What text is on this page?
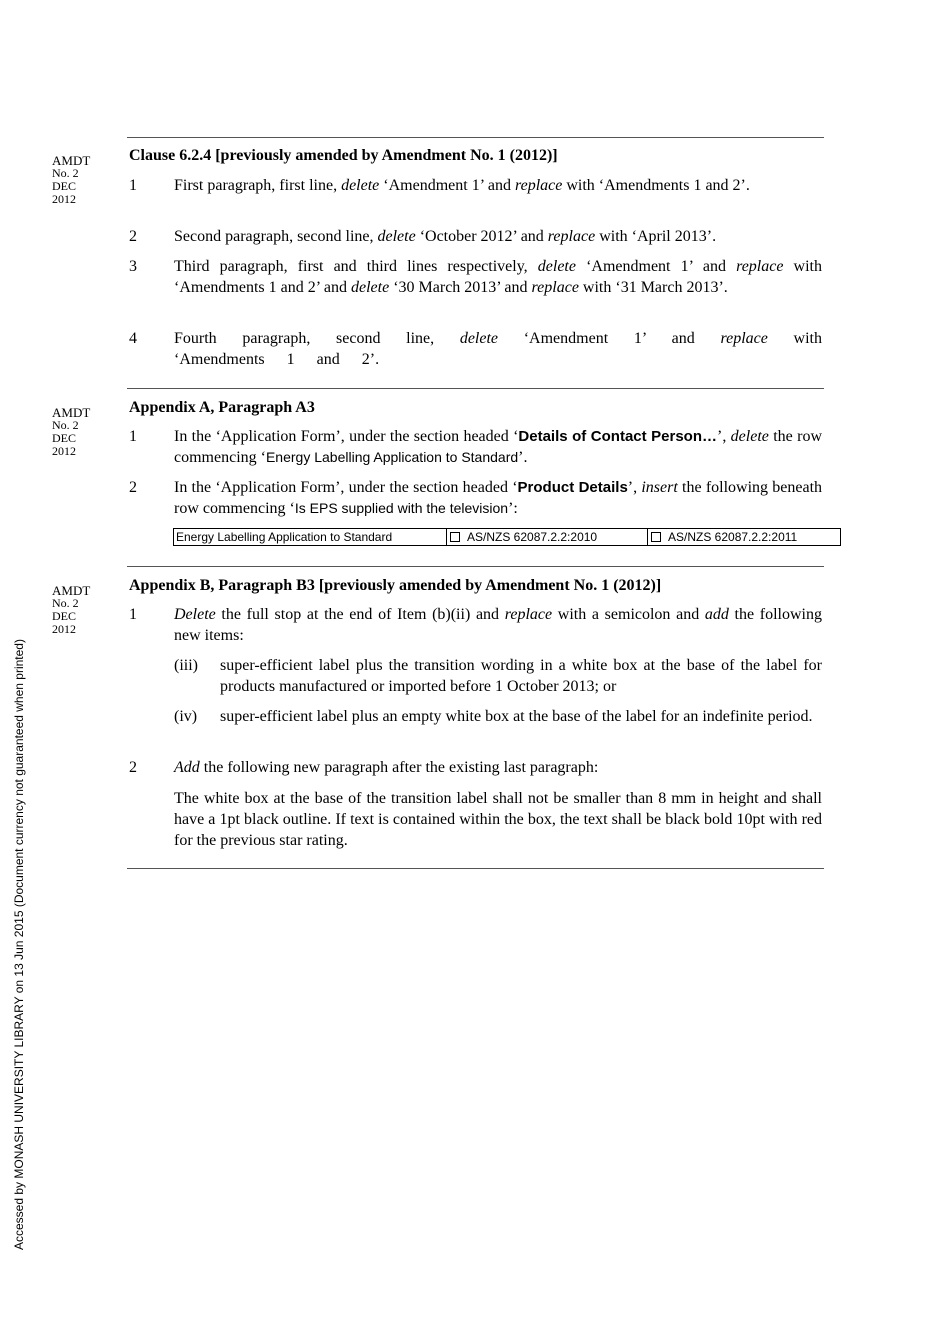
Accessed by MONASH UNIVERSITY LIBRARY on 13 Jun 2015 (Document currency not guaranteed when printed)
AMDT
No. 2
DEC
2012
AMDT
No. 2
DEC
2012
AMDT
No. 2
DEC
2012
Clause 6.2.4 [previously amended by Amendment No. 1 (2012)]
1 First paragraph, first line, delete ‘Amendment 1’ and replace with ‘Amendments 1 and 2’.
2 Second paragraph, second line, delete ‘October 2012’ and replace with ‘April 2013’.
3 Third paragraph, first and third lines respectively, delete ‘Amendment 1’ and replace with ‘Amendments 1 and 2’ and delete ‘30 March 2013’ and replace with ‘31 March 2013’.
4 Fourth paragraph, second line, delete ‘Amendment 1’ and replace with ‘Amendments 1 and 2’.
Appendix A, Paragraph A3
1 In the ‘Application Form’, under the section headed ‘Details of Contact Person…’, delete the row commencing ‘Energy Labelling Application to Standard’.
2 In the ‘Application Form’, under the section headed ‘Product Details’, insert the following beneath row commencing ‘Is EPS supplied with the television’:
Energy Labelling Application to Standard	AS/NZS 62087.2.2:2010	AS/NZS 62087.2.2:2011
Appendix B, Paragraph B3 [previously amended by Amendment No. 1 (2012)]
1 Delete the full stop at the end of Item (b)(ii) and replace with a semicolon and add the following new items:
(iii) super-efficient label plus the transition wording in a white box at the base of the label for products manufactured or imported before 1 October 2013; or
(iv) super-efficient label plus an empty white box at the base of the label for an indefinite period.
2 Add the following new paragraph after the existing last paragraph:
The white box at the base of the transition label shall not be smaller than 8 mm in height and shall have a 1pt black outline. If text is contained within the box, the text shall be black bold 10pt with red for the previous star rating.
